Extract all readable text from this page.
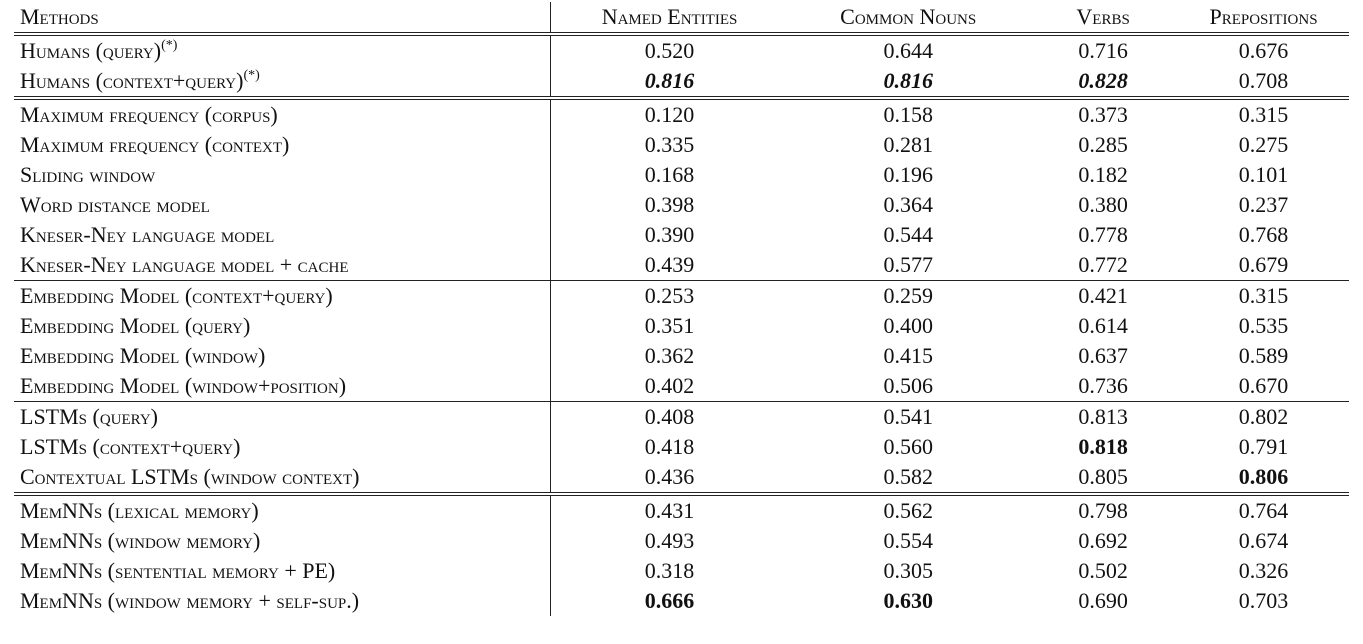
Methods	Named Entities	Common Nouns	Verbs	Prepositions
Humans (query)(*)	0.520	0.644	0.716	0.676
Humans (context+query)(*)	0.816	0.816	0.828	0.708
Maximum frequency (corpus)	0.120	0.158	0.373	0.315
Maximum frequency (context)	0.335	0.281	0.285	0.275
Sliding window	0.168	0.196	0.182	0.101
Word distance model	0.398	0.364	0.380	0.237
Kneser-Ney language model	0.390	0.544	0.778	0.768
Kneser-Ney language model + cache	0.439	0.577	0.772	0.679
Embedding Model (context+query)	0.253	0.259	0.421	0.315
Embedding Model (query)	0.351	0.400	0.614	0.535
Embedding Model (window)	0.362	0.415	0.637	0.589
Embedding Model (window+position)	0.402	0.506	0.736	0.670
LSTMs (query)	0.408	0.541	0.813	0.802
LSTMs (context+query)	0.418	0.560	0.818	0.791
Contextual LSTMs (window context)	0.436	0.582	0.805	0.806
MemNNs (lexical memory)	0.431	0.562	0.798	0.764
MemNNs (window memory)	0.493	0.554	0.692	0.674
MemNNs (sentential memory + PE)	0.318	0.305	0.502	0.326
MemNNs (window memory + self-sup.)	0.666	0.630	0.690	0.703
